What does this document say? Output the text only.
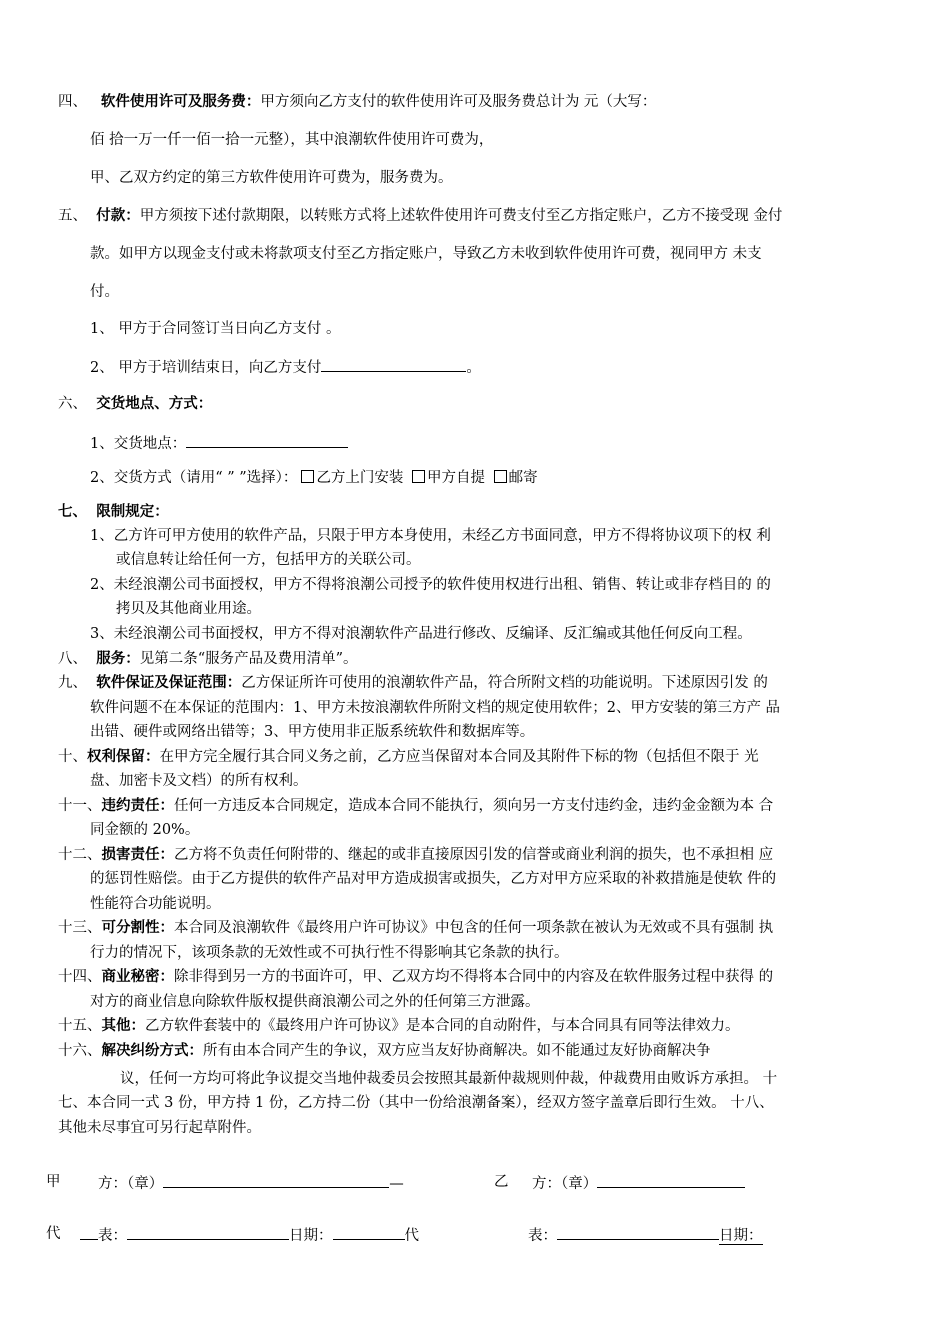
四、 软件使用许可及服务费：甲方须向乙方支付的软件使用许可及服务费总计为 元（大写：
佰 拾一万一仟一佰一拾一元整），其中浪潮软件使用许可费为，
甲、乙双方约定的第三方软件使用许可费为，服务费为。
五、 付款：甲方须按下述付款期限，以转账方式将上述软件使用许可费支付至乙方指定账户，乙方不接受现 金付
款。如甲方以现金支付或未将款项支付至乙方指定账户，导致乙方未收到软件使用许可费，视同甲方 未支
付。
1、 甲方于合同签订当日向乙方支付 。
2、 甲方于培训结束日，向乙方支付	。
六、 交货地点、方式：
1、交货地点：
2、交货方式（请用“ ” ”选择）： 乙方上门安装 甲方自提 邮寄
七、 限制规定：
1、乙方许可甲方使用的软件产品，只限于甲方本身使用，未经乙方书面同意，甲方不得将协议项下的权 利
或信息转让给任何一方，包括甲方的关联公司。
2、未经浪潮公司书面授权，甲方不得将浪潮公司授予的软件使用权进行出租、销售、转让或非存档目的 的
拷贝及其他商业用途。
3、未经浪潮公司书面授权，甲方不得对浪潮软件产品进行修改、反编译、反汇编或其他任何反向工程。
八、 服务：见第二条“服务产品及费用清单”。
九、 软件保证及保证范围：乙方保证所许可使用的浪潮软件产品，符合所附文档的功能说明。下述原因引发 的
软件问题不在本保证的范围内：1、甲方未按浪潮软件所附文档的规定使用软件；2、甲方安装的第三方产 品
出错、硬件或网络出错等；3、甲方使用非正版系统软件和数据库等。
十、权利保留：在甲方完全履行其合同义务之前，乙方应当保留对本合同及其附件下标的物（包括但不限于 光
盘、加密卡及文档）的所有权利。
十一、违约责任：任何一方违反本合同规定，造成本合同不能执行，须向另一方支付违约金，违约金金额为本 合
同金额的 20%。
十二、损害责任：乙方将不负责任何附带的、继起的或非直接原因引发的信誉或商业利润的损失，也不承担相 应
的惩罚性赔偿。由于乙方提供的软件产品对甲方造成损害或损失，乙方对甲方应采取的补救措施是使软 件的
性能符合功能说明。
十三、可分割性：本合同及浪潮软件《最终用户许可协议》中包含的任何一项条款在被认为无效或不具有强制 执
行力的情况下，该项条款的无效性或不可执行性不得影响其它条款的执行。
十四、商业秘密：除非得到另一方的书面许可，甲、乙双方均不得将本合同中的内容及在软件服务过程中获得 的
对方的商业信息向除软件版权提供商浪潮公司之外的任何第三方泄露。
十五、其他：乙方软件套装中的《最终用户许可协议》是本合同的自动附件，与本合同具有同等法律效力。
十六、解决纠纷方式：所有由本合同产生的争议，双方应当友好协商解决。如不能通过友好协商解决争
议，任何一方均可将此争议提交当地仲裁委员会按照其最新仲裁规则仲裁，仲裁费用由败诉方承担。 十
七、本合同一式 3 份，甲方持 1 份，乙方持二份（其中一份给浪潮备案），经双方签字盖章后即行生效。 十八、
其他未尽事宜可另行起草附件。
甲	方：（章）	—	乙 方：（章）
代	表：	日期：	代	表：	日期：
